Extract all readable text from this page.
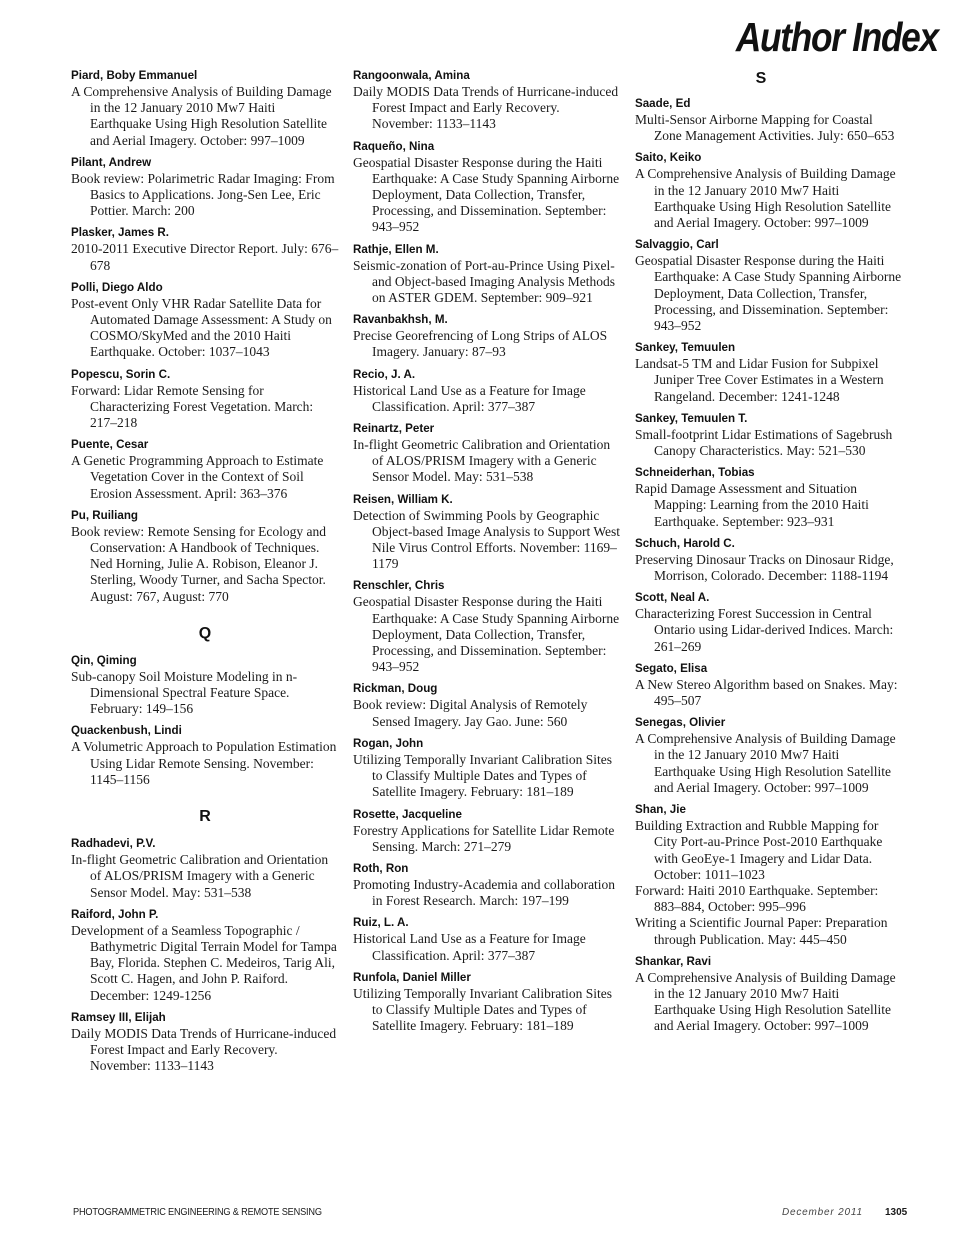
Author Index
Piard, Boby Emmanuel
A Comprehensive Analysis of Building Damage in the 12 January 2010 Mw7 Haiti Earthquake Using High Resolution Satellite and Aerial Imagery. October: 997–1009
Pilant, Andrew
Book review: Polarimetric Radar Imaging: From Basics to Applications. Jong-Sen Lee, Eric Pottier. March: 200
Plasker, James R.
2010-2011 Executive Director Report. July: 676–678
Polli, Diego Aldo
Post-event Only VHR Radar Satellite Data for Automated Damage Assessment: A Study on COSMO/SkyMed and the 2010 Haiti Earthquake. October: 1037–1043
Popescu, Sorin C.
Forward: Lidar Remote Sensing for Characterizing Forest Vegetation. March: 217–218
Puente, Cesar
A Genetic Programming Approach to Estimate Vegetation Cover in the Context of Soil Erosion Assessment. April: 363–376
Pu, Ruiliang
Book review: Remote Sensing for Ecology and Conservation: A Handbook of Techniques. Ned Horning, Julie A. Robison, Eleanor J. Sterling, Woody Turner, and Sacha Spector. August: 767, August: 770
Q
Qin, Qiming
Sub-canopy Soil Moisture Modeling in n-Dimensional Spectral Feature Space. February: 149–156
Quackenbush, Lindi
A Volumetric Approach to Population Estimation Using Lidar Remote Sensing. November: 1145–1156
R
Radhadevi, P.V.
In-flight Geometric Calibration and Orientation of ALOS/PRISM Imagery with a Generic Sensor Model. May: 531–538
Raiford, John P.
Development of a Seamless Topographic / Bathymetric Digital Terrain Model for Tampa Bay, Florida. Stephen C. Medeiros, Tarig Ali, Scott C. Hagen, and John P. Raiford. December: 1249-1256
Ramsey III, Elijah
Daily MODIS Data Trends of Hurricane-induced Forest Impact and Early Recovery. November: 1133–1143
Rangoonwala, Amina
Daily MODIS Data Trends of Hurricane-induced Forest Impact and Early Recovery. November: 1133–1143
Raqueño, Nina
Geospatial Disaster Response during the Haiti Earthquake: A Case Study Spanning Airborne Deployment, Data Collection, Transfer, Processing, and Dissemination. September: 943–952
Rathje, Ellen M.
Seismic-zonation of Port-au-Prince Using Pixel- and Object-based Imaging Analysis Methods on ASTER GDEM. September: 909–921
Ravanbakhsh, M.
Precise Georefrencing of Long Strips of ALOS Imagery. January: 87–93
Recio, J. A.
Historical Land Use as a Feature for Image Classification. April: 377–387
Reinartz, Peter
In-flight Geometric Calibration and Orientation of ALOS/PRISM Imagery with a Generic Sensor Model. May: 531–538
Reisen, William K.
Detection of Swimming Pools by Geographic Object-based Image Analysis to Support West Nile Virus Control Efforts. November: 1169–1179
Renschler, Chris
Geospatial Disaster Response during the Haiti Earthquake: A Case Study Spanning Airborne Deployment, Data Collection, Transfer, Processing, and Dissemination. September: 943–952
Rickman, Doug
Book review: Digital Analysis of Remotely Sensed Imagery. Jay Gao. June: 560
Rogan, John
Utilizing Temporally Invariant Calibration Sites to Classify Multiple Dates and Types of Satellite Imagery. February: 181–189
Rosette, Jacqueline
Forestry Applications for Satellite Lidar Remote Sensing. March: 271–279
Roth, Ron
Promoting Industry-Academia and collaboration in Forest Research. March: 197–199
Ruiz, L. A.
Historical Land Use as a Feature for Image Classification. April: 377–387
Runfola, Daniel Miller
Utilizing Temporally Invariant Calibration Sites to Classify Multiple Dates and Types of Satellite Imagery. February: 181–189
S
Saade, Ed
Multi-Sensor Airborne Mapping for Coastal Zone Management Activities. July: 650–653
Saito, Keiko
A Comprehensive Analysis of Building Damage in the 12 January 2010 Mw7 Haiti Earthquake Using High Resolution Satellite and Aerial Imagery. October: 997–1009
Salvaggio, Carl
Geospatial Disaster Response during the Haiti Earthquake: A Case Study Spanning Airborne Deployment, Data Collection, Transfer, Processing, and Dissemination. September: 943–952
Sankey, Temuulen
Landsat-5 TM and Lidar Fusion for Subpixel Juniper Tree Cover Estimates in a Western Rangeland. December: 1241-1248
Sankey, Temuulen T.
Small-footprint Lidar Estimations of Sagebrush Canopy Characteristics. May: 521–530
Schneiderhan, Tobias
Rapid Damage Assessment and Situation Mapping: Learning from the 2010 Haiti Earthquake. September: 923–931
Schuch, Harold C.
Preserving Dinosaur Tracks on Dinosaur Ridge, Morrison, Colorado. December: 1188-1194
Scott, Neal A.
Characterizing Forest Succession in Central Ontario using Lidar-derived Indices. March: 261–269
Segato, Elisa
A New Stereo Algorithm based on Snakes. May: 495–507
Senegas, Olivier
A Comprehensive Analysis of Building Damage in the 12 January 2010 Mw7 Haiti Earthquake Using High Resolution Satellite and Aerial Imagery. October: 997–1009
Shan, Jie
Building Extraction and Rubble Mapping for City Port-au-Prince Post-2010 Earthquake with GeoEye-1 Imagery and Lidar Data. October: 1011–1023
Forward: Haiti 2010 Earthquake. September: 883–884, October: 995–996
Writing a Scientific Journal Paper: Preparation through Publication. May: 445–450
Shankar, Ravi
A Comprehensive Analysis of Building Damage in the 12 January 2010 Mw7 Haiti Earthquake Using High Resolution Satellite and Aerial Imagery. October: 997–1009
PHOTOGRAMMETRIC ENGINEERING & REMOTE SENSING	December 2011 1305
